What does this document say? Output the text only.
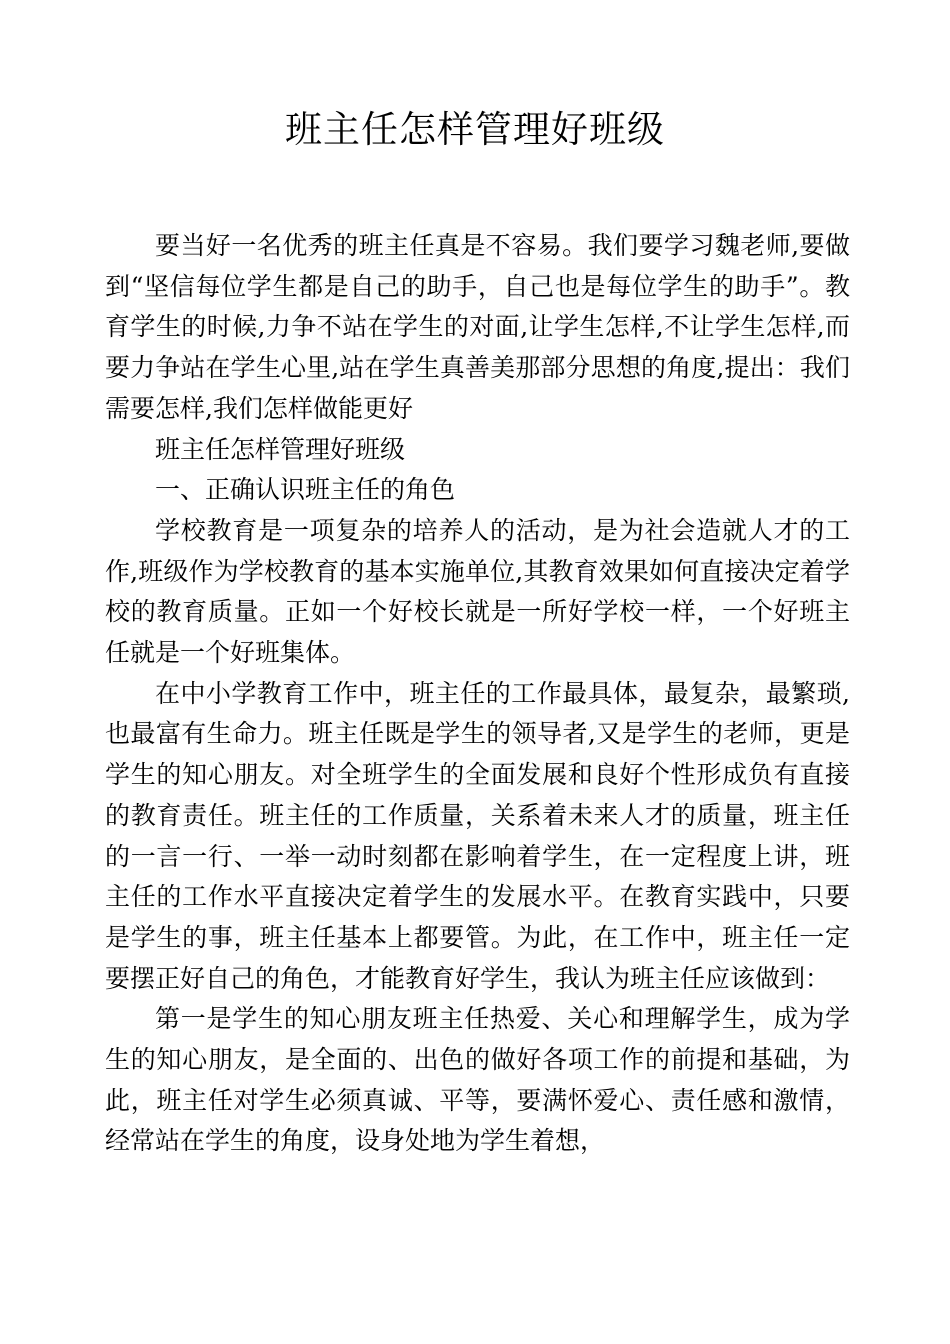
班主任怎样管理好班级

要当好一名优秀的班主任真是不容易。我们要学习魏老师,要做到“坚信每位学生都是自己的助手，自己也是每位学生的助手”。教育学生的时候,力争不站在学生的对面,让学生怎样,不让学生怎样,而要力争站在学生心里,站在学生真善美那部分思想的角度,提出：我们需要怎样,我们怎样做能更好

班主任怎样管理好班级

一、正确认识班主任的角色

学校教育是一项复杂的培养人的活动，是为社会造就人才的工作,班级作为学校教育的基本实施单位,其教育效果如何直接决定着学校的教育质量。正如一个好校长就是一所好学校一样，一个好班主任就是一个好班集体。

在中小学教育工作中，班主任的工作最具体，最复杂，最繁琐,也最富有生命力。班主任既是学生的领导者,又是学生的老师，更是学生的知心朋友。对全班学生的全面发展和良好个性形成负有直接的教育责任。班主任的工作质量，关系着未来人才的质量，班主任的一言一行、一举一动时刻都在影响着学生，在一定程度上讲，班主任的工作水平直接决定着学生的发展水平。在教育实践中，只要是学生的事，班主任基本上都要管。为此，在工作中，班主任一定要摆正好自己的角色，才能教育好学生，我认为班主任应该做到：

第一是学生的知心朋友班主任热爱、关心和理解学生，成为学生的知心朋友，是全面的、出色的做好各项工作的前提和基础，为此，班主任对学生必须真诚、平等，要满怀爱心、责任感和激情，经常站在学生的角度，设身处地为学生着想，
